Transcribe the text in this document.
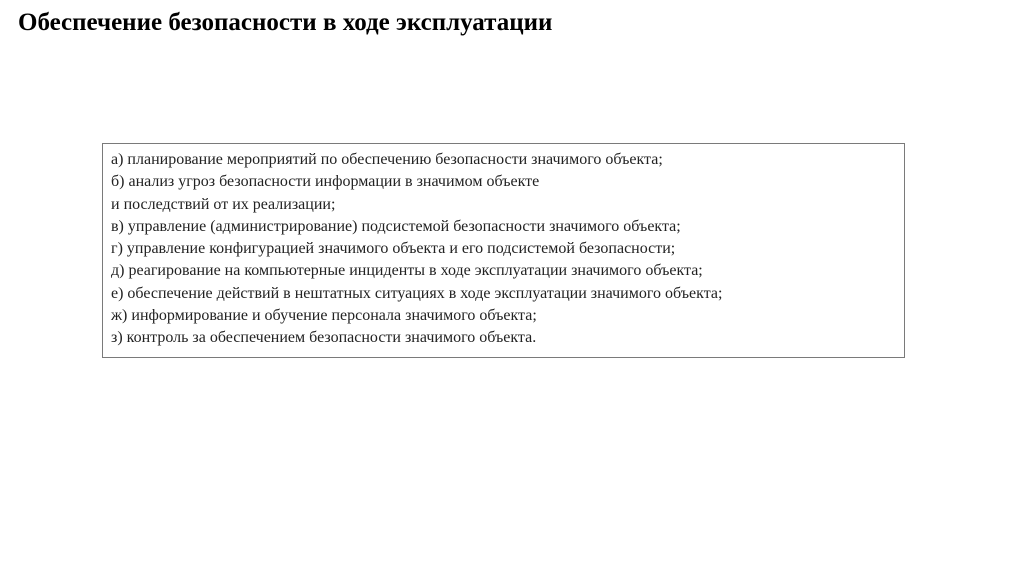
Обеспечение безопасности в ходе эксплуатации
а) планирование мероприятий по обеспечению безопасности значимого объекта;
б) анализ угроз безопасности информации в значимом объекте
и последствий от их реализации;
в) управление (администрирование) подсистемой безопасности значимого объекта;
г) управление конфигурацией значимого объекта и его подсистемой безопасности;
д) реагирование на компьютерные инциденты в ходе эксплуатации значимого объекта;
е) обеспечение действий в нештатных ситуациях в ходе эксплуатации значимого объекта;
ж) информирование и обучение персонала значимого объекта;
з) контроль за обеспечением безопасности значимого объекта.
